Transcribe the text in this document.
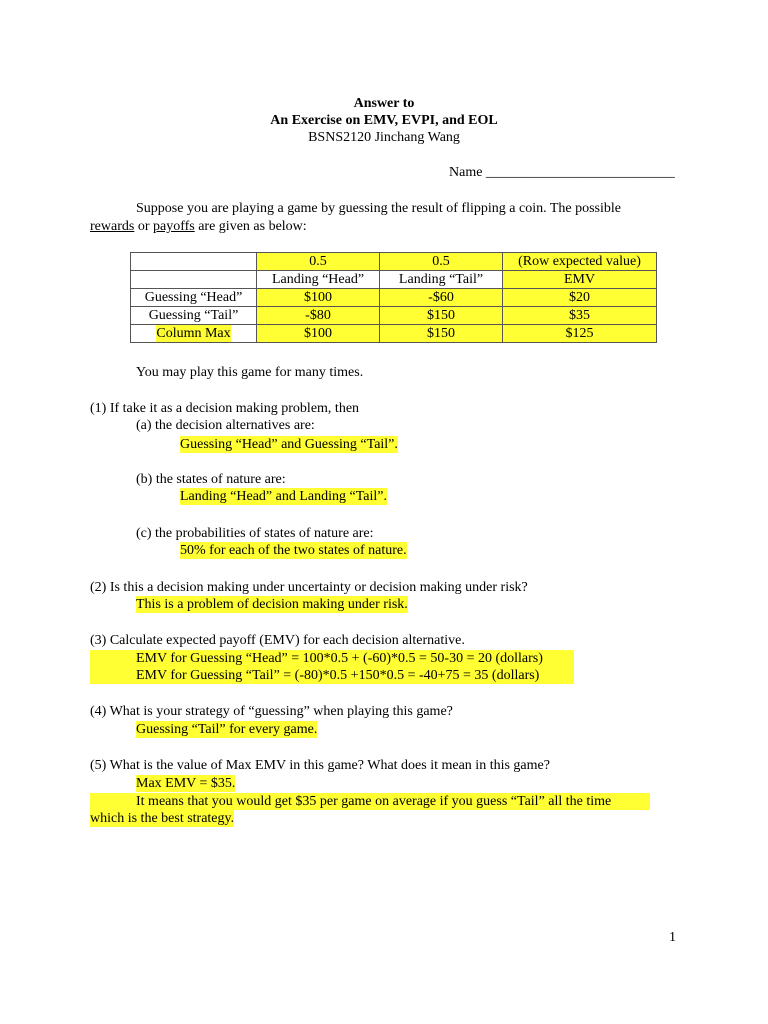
Answer to
An Exercise on EMV, EVPI, and EOL
BSNS2120 Jinchang Wang
Name ___________________________
Suppose you are playing a game by guessing the result of flipping a coin. The possible
rewards or payoffs are given as below:
	0.5	0.5	(Row expected value)
	Landing “Head”	Landing “Tail”	EMV
Guessing “Head”	$100	-$60	$20
Guessing “Tail”	-$80	$150	$35
Column Max	$100	$150	$125
You may play this game for many times.
(1) If take it as a decision making problem, then
(a) the decision alternatives are:
Guessing “Head” and Guessing “Tail”.
(b) the states of nature are:
Landing “Head” and Landing “Tail”.
(c) the probabilities of states of nature are:
50% for each of the two states of nature.
(2) Is this a decision making under uncertainty or decision making under risk?
This is a problem of decision making under risk.
(3) Calculate expected payoff (EMV) for each decision alternative.
EMV for Guessing “Head” = 100*0.5 + (-60)*0.5 = 50-30 = 20 (dollars)
EMV for Guessing “Tail” = (-80)*0.5 +150*0.5 = -40+75 = 35 (dollars)
(4) What is your strategy of “guessing” when playing this game?
Guessing “Tail” for every game.
(5) What is the value of Max EMV in this game? What does it mean in this game?
Max EMV = $35.
It means that you would get $35 per game on average if you guess “Tail” all the time
which is the best strategy.
1
